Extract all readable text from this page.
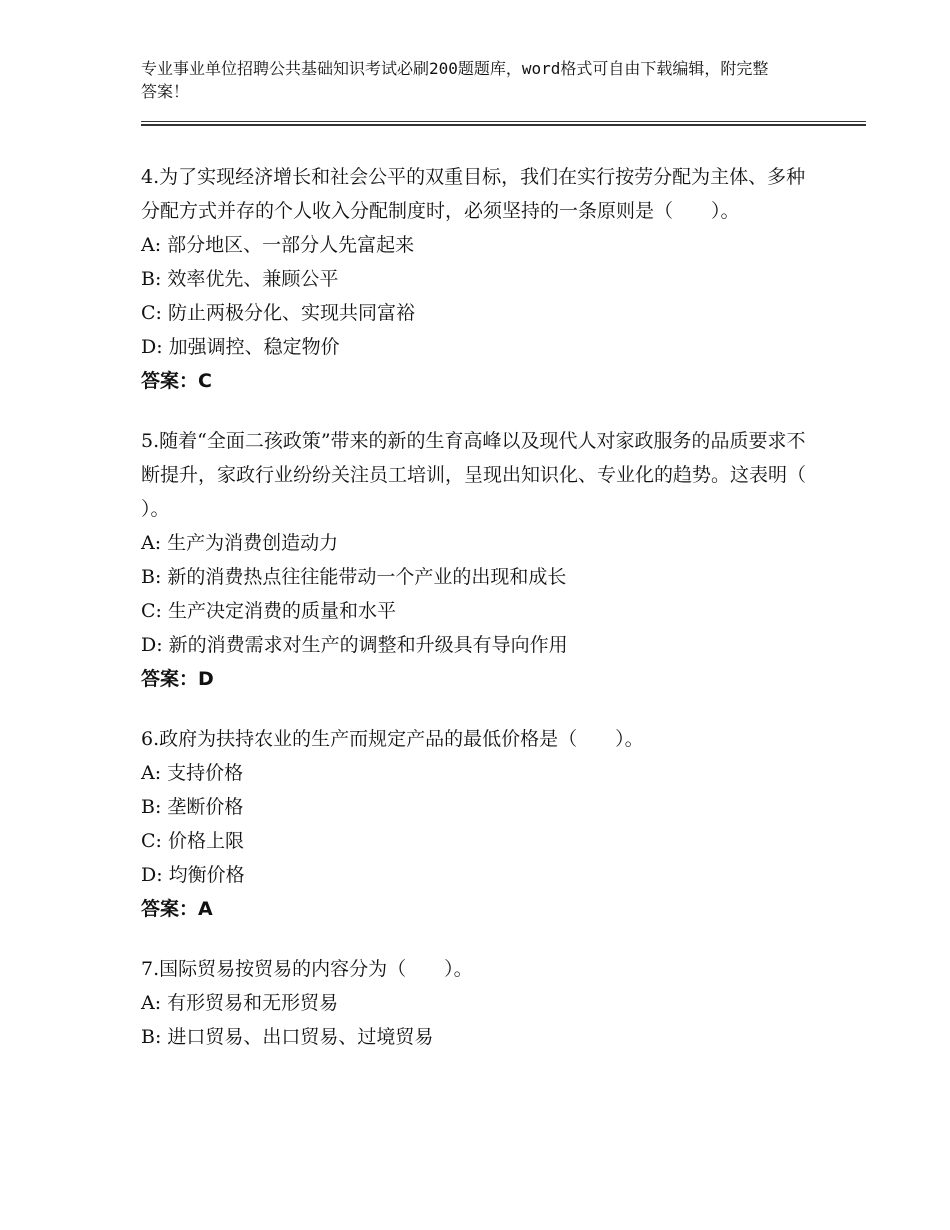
专业事业单位招聘公共基础知识考试必刷200题题库，word格式可自由下载编辑，附完整答案！

4.为了实现经济增长和社会公平的双重目标，我们在实行按劳分配为主体、多种分配方式并存的个人收入分配制度时，必须坚持的一条原则是（　　）。

A: 部分地区、一部分人先富起来
B: 效率优先、兼顾公平
C: 防止两极分化、实现共同富裕
D: 加强调控、稳定物价
答案：C

5.随着“全面二孩政策”带来的新的生育高峰以及现代人对家政服务的品质要求不断提升，家政行业纷纷关注员工培训，呈现出知识化、专业化的趋势。这表明（　　）。

A: 生产为消费创造动力
B: 新的消费热点往往能带动一个产业的出现和成长
C: 生产决定消费的质量和水平
D: 新的消费需求对生产的调整和升级具有导向作用
答案：D

6.政府为扶持农业的生产而规定产品的最低价格是（　　）。

A: 支持价格
B: 垄断价格
C: 价格上限
D: 均衡价格
答案：A

7.国际贸易按贸易的内容分为（　　）。

A: 有形贸易和无形贸易
B: 进口贸易、出口贸易、过境贸易
